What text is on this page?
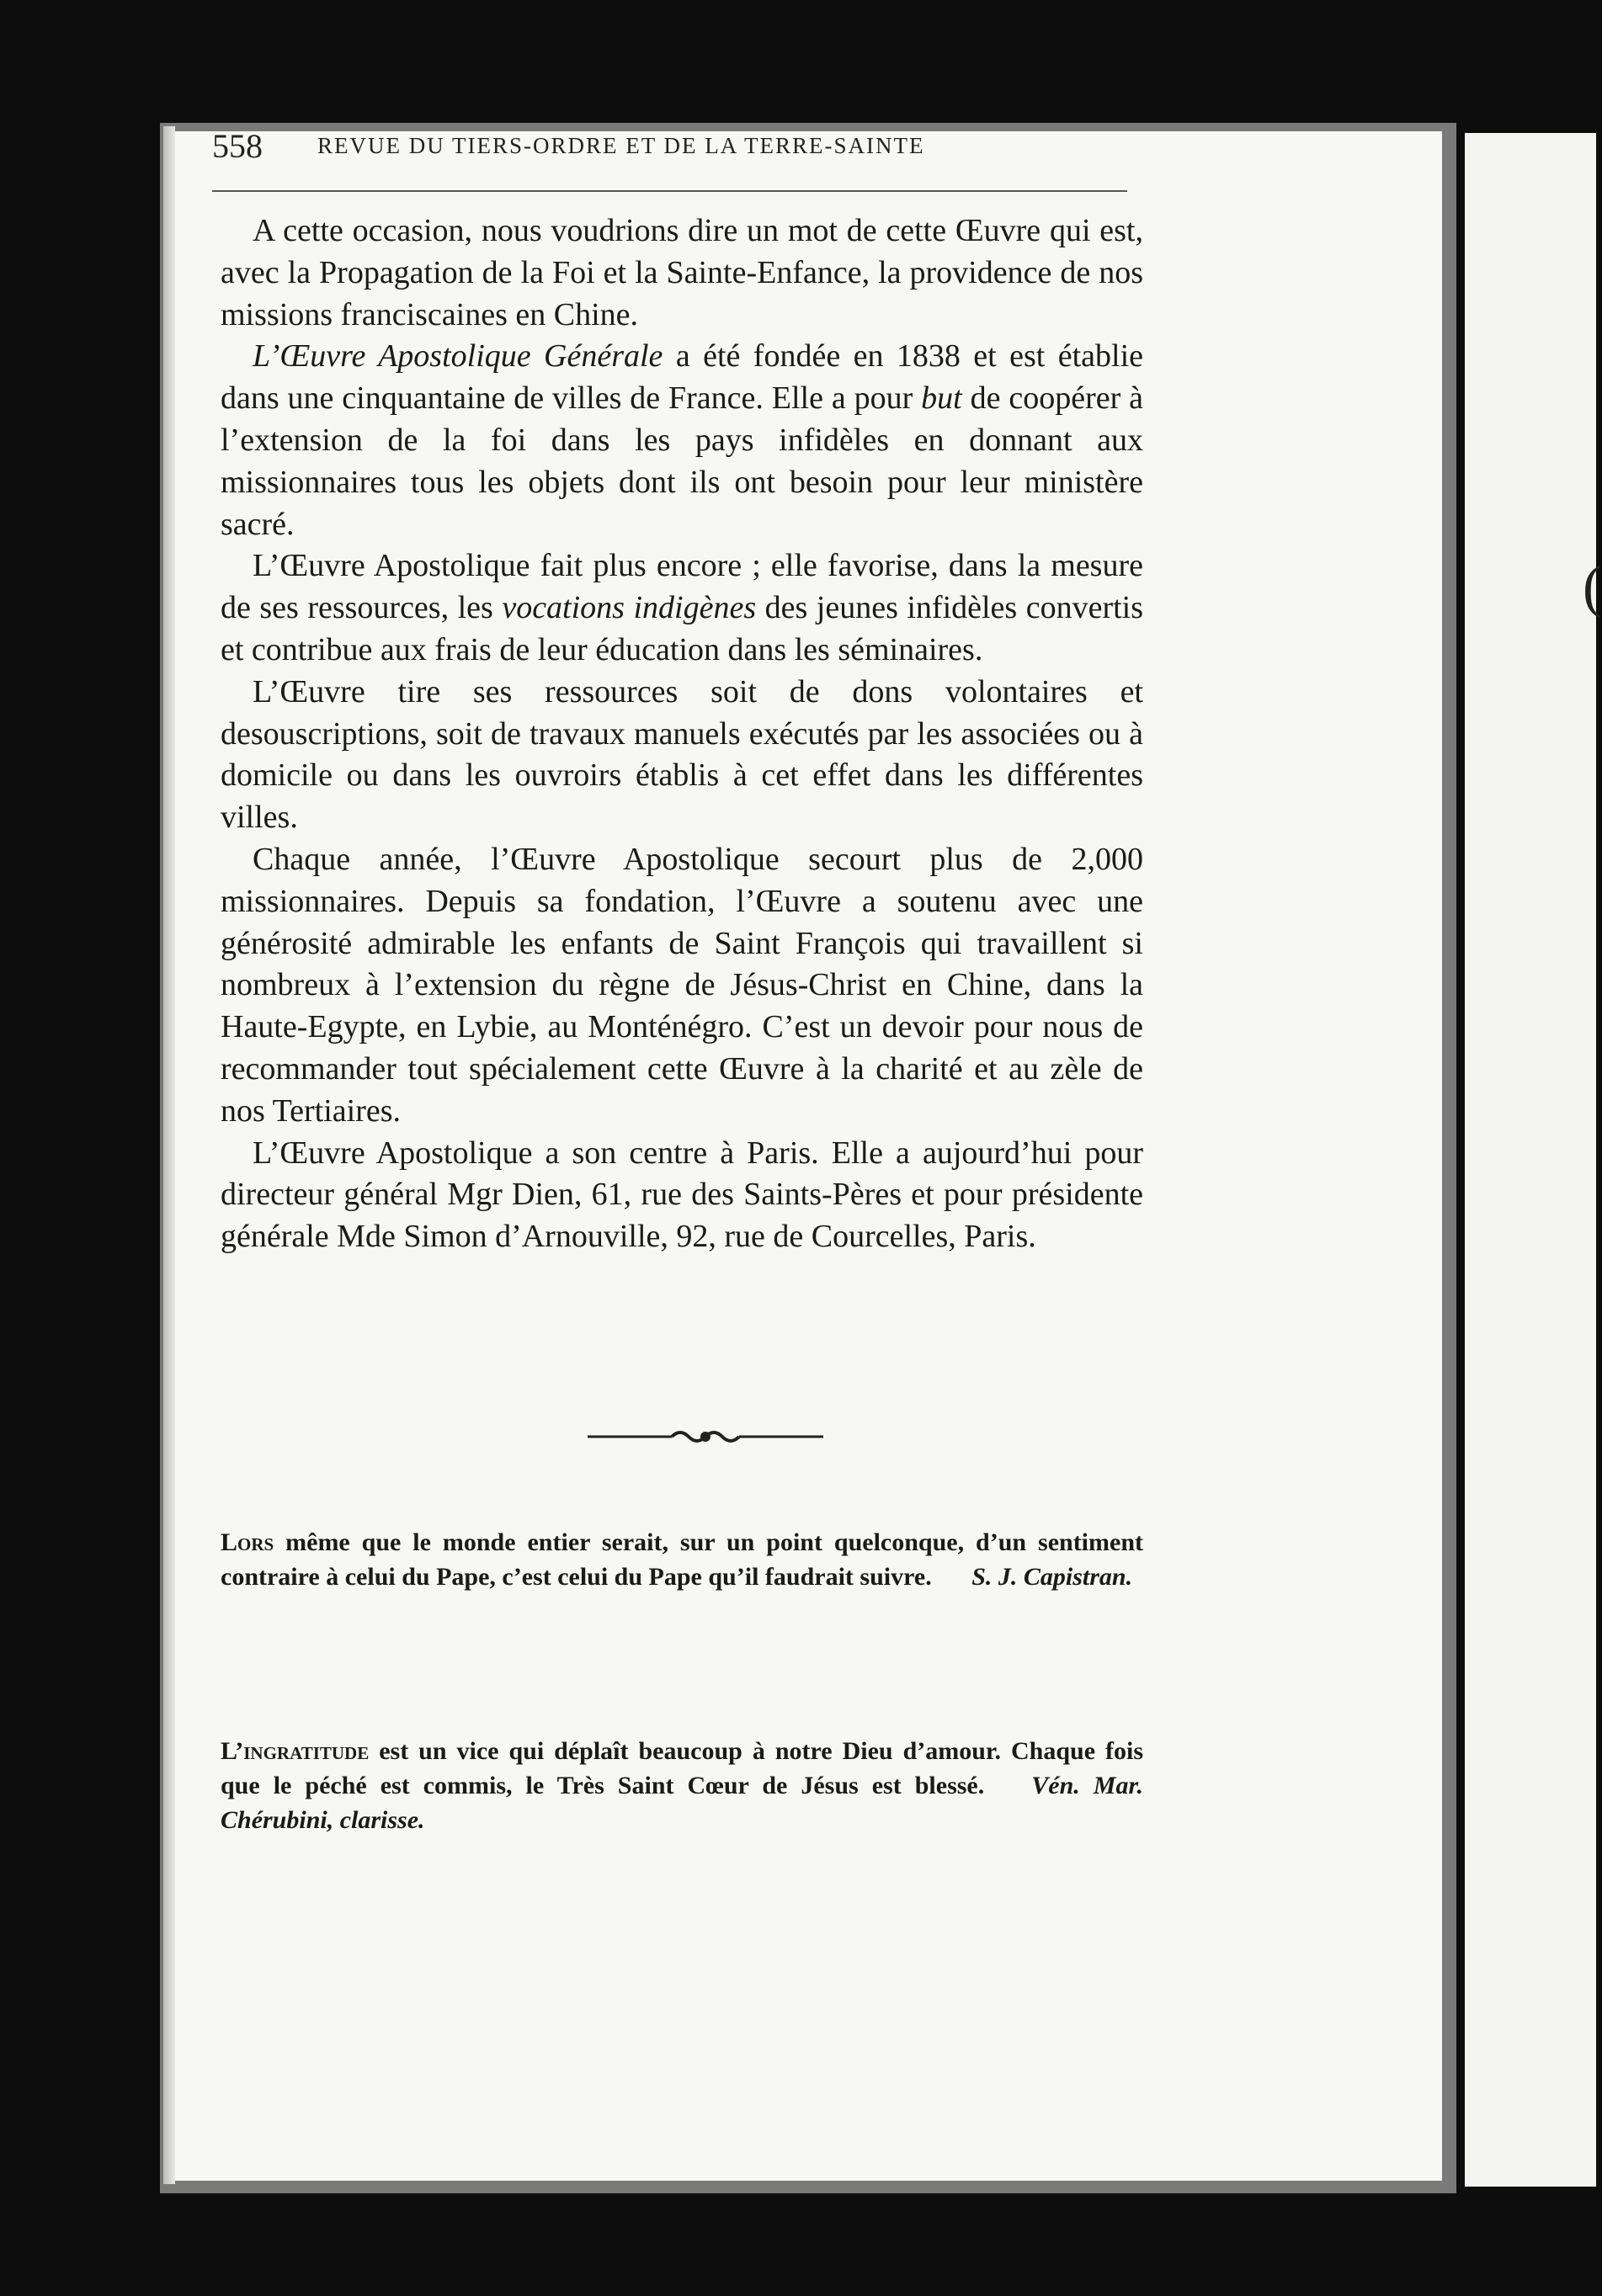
(
558 REVUE DU TIERS-ORDRE ET DE LA TERRE-SAINTE

A cette occasion, nous voudrions dire un mot de cette Œuvre qui est, avec la Propagation de la Foi et la Sainte-Enfance, la providence de nos missions franciscaines en Chine.

L’Œuvre Apostolique Générale a été fondée en 1838 et est établie dans une cinquantaine de villes de France. Elle a pour but de coopérer à l’extension de la foi dans les pays infidèles en donnant aux missionnaires tous les objets dont ils ont besoin pour leur ministère sacré.

L’Œuvre Apostolique fait plus encore ; elle favorise, dans la mesure de ses ressources, les vocations indigènes des jeunes infidèles convertis et contribue aux frais de leur éducation dans les séminaires.

L’Œuvre tire ses ressources soit de dons volontaires et desouscriptions, soit de travaux manuels exécutés par les associées ou à domicile ou dans les ouvroirs établis à cet effet dans les différentes villes.

Chaque année, l’Œuvre Apostolique secourt plus de 2,000 missionnaires. Depuis sa fondation, l’Œuvre a soutenu avec une générosité admirable les enfants de Saint François qui travaillent si nombreux à l’extension du règne de Jésus-Christ en Chine, dans la Haute-Egypte, en Lybie, au Monténégro. C’est un devoir pour nous de recommander tout spécialement cette Œuvre à la charité et au zèle de nos Tertiaires.

L’Œuvre Apostolique a son centre à Paris. Elle a aujourd’hui pour directeur général Mgr Dien, 61, rue des Saints-Pères et pour présidente générale Mde Simon d’Arnouville, 92, rue de Courcelles, Paris.

Lors même que le monde entier serait, sur un point quelconque, d’un sentiment contraire à celui du Pape, c’est celui du Pape qu’il faudrait suivre. S. J. Capistran.
L’ingratitude est un vice qui déplaît beaucoup à notre Dieu d’amour. Chaque fois que le péché est commis, le Très Saint Cœur de Jésus est blessé. Vén. Mar. Chérubini, clarisse.
